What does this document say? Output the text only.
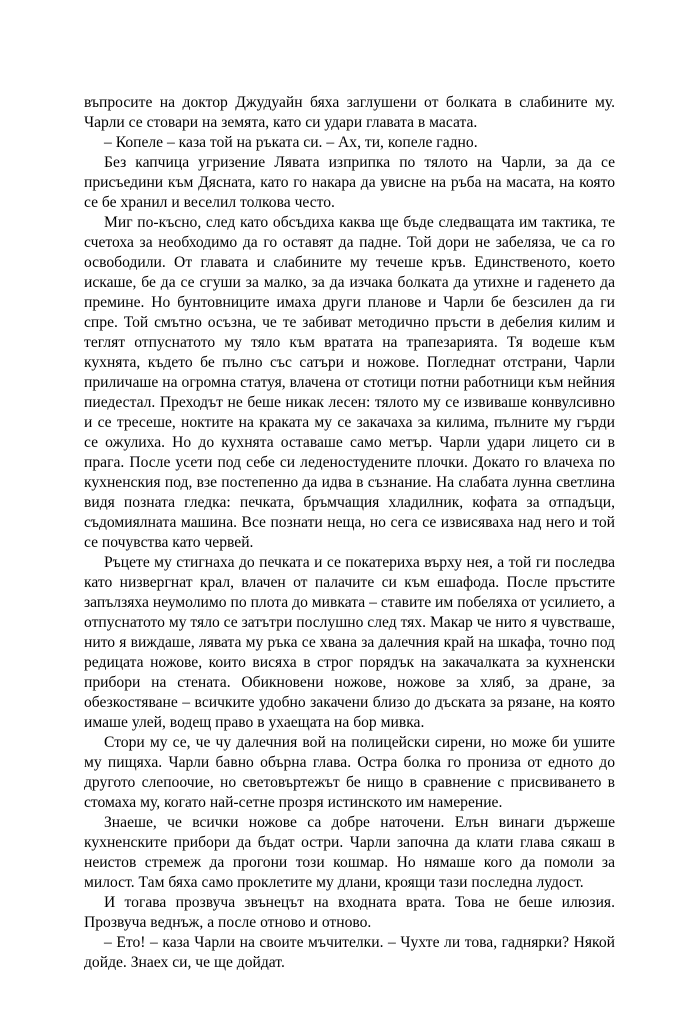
въпросите на доктор Джудуайн бяха заглушени от болката в слабините му. Чарли се стовари на земята, като си удари главата в масата.

– Копеле – каза той на ръката си. – Ах, ти, копеле гадно.

Без капчица угризение Лявата изприпка по тялото на Чарли, за да се присъедини към Дясната, като го накара да увисне на ръба на масата, на която се бе хранил и веселил толкова често.

Миг по-късно, след като обсъдиха каква ще бъде следващата им тактика, те счетоха за необходимо да го оставят да падне. Той дори не забеляза, че са го освободили. От главата и слабините му течеше кръв. Единственото, което искаше, бе да се сгуши за малко, за да изчака болката да утихне и гаденето да премине. Но бунтовниците имаха други планове и Чарли бе безсилен да ги спре. Той смътно осъзна, че те забиват методично пръсти в дебелия килим и теглят отпуснатото му тяло към вратата на трапезарията. Тя водеше към кухнята, където бе пълно със сатъри и ножове. Погледнат отстрани, Чарли приличаше на огромна статуя, влачена от стотици потни работници към нейния пиедестал. Преходът не беше никак лесен: тялото му се извиваше конвулсивно и се тресеше, ноктите на краката му се закачаха за килима, пълните му гърди се ожулиха. Но до кухнята оставаше само метър. Чарли удари лицето си в прага. После усети под себе си леденостудените плочки. Докато го влачеха по кухненския под, взе постепенно да идва в съзнание. На слабата лунна светлина видя позната гледка: печката, бръмчащия хладилник, кофата за отпадъци, съдомиялната машина. Все познати неща, но сега се извисяваха над него и той се почувства като червей.

Ръцете му стигнаха до печката и се покатериха върху нея, а той ги последва като низвергнат крал, влачен от палачите си към ешафода. После пръстите запълзяха неумолимо по плота до мивката – ставите им побеляха от усилието, а отпуснатото му тяло се затътри послушно след тях. Макар че нито я чувстваше, нито я виждаше, лявата му ръка се хвана за далечния край на шкафа, точно под редицата ножове, които висяха в строг порядък на закачалката за кухненски прибори на стената. Обикновени ножове, ножове за хляб, за дране, за обезкостяване – всичките удобно закачени близо до дъската за рязане, на която имаше улей, водещ право в ухаещата на бор мивка.

Стори му се, че чу далечния вой на полицейски сирени, но може би ушите му пищяха. Чарли бавно обърна глава. Остра болка го прониза от едното до другото слепоочие, но световъртежът бе нищо в сравнение с присвиването в стомаха му, когато най-сетне прозря истинското им намерение.

Знаеше, че всички ножове са добре наточени. Елън винаги държеше кухненските прибори да бъдат остри. Чарли започна да клати глава сякаш в неистов стремеж да прогони този кошмар. Но нямаше кого да помоли за милост. Там бяха само проклетите му длани, кроящи тази последна лудост.

И тогава прозвуча звънецът на входната врата. Това не беше илюзия. Прозвуча веднъж, а после отново и отново.

– Ето! – каза Чарли на своите мъчителки. – Чухте ли това, гаднярки? Някой дойде. Знаех си, че ще дойдат.
